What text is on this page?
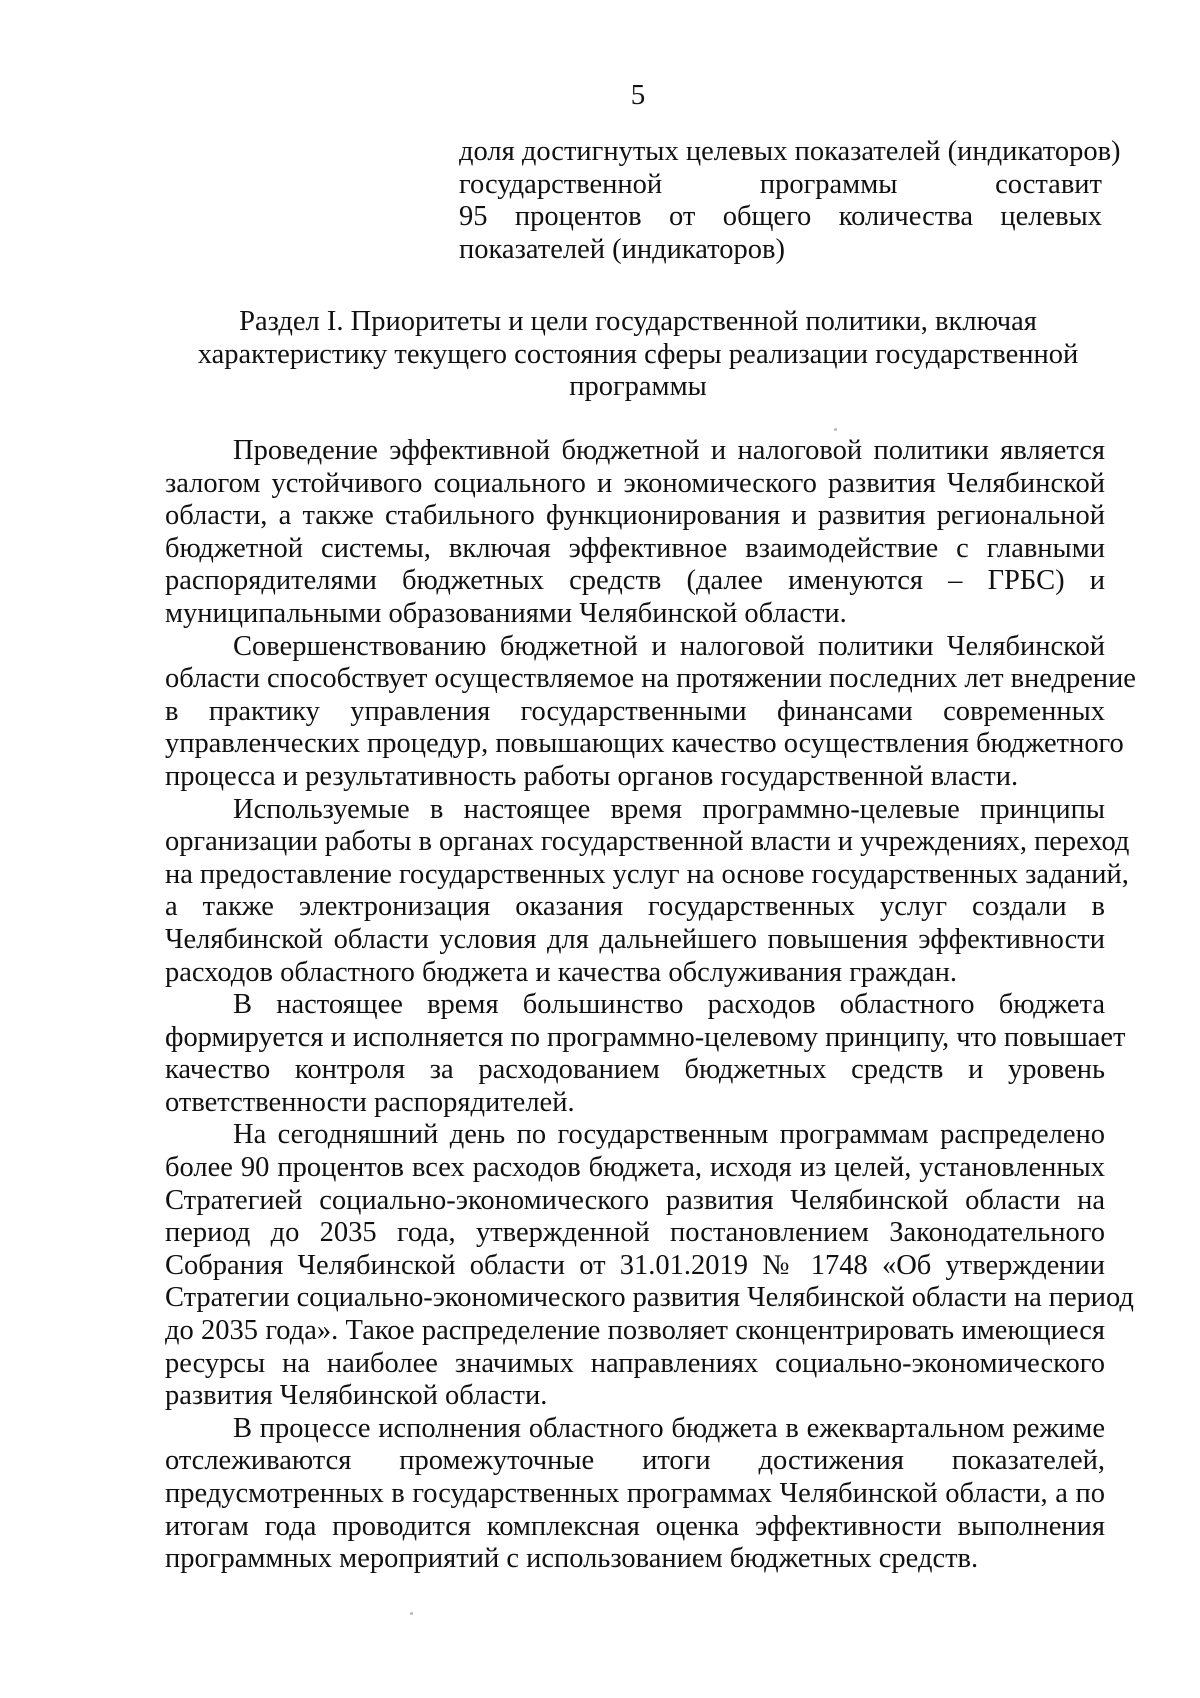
5
доля достигнутых целевых показателей (индикаторов)
государственной	программы	составит
95 процентов от общего количества целевых
показателей (индикаторов)
Раздел I. Приоритеты и цели государственной политики, включая
характеристику текущего состояния сферы реализации государственной
программы
Проведение эффективной бюджетной и налоговой политики является
залогом устойчивого социального и экономического развития Челябинской
области, а также стабильного функционирования и развития региональной
бюджетной системы, включая эффективное взаимодействие с главными
распорядителями бюджетных средств (далее именуются – ГРБС) и
муниципальными образованиями Челябинской области.
Совершенствованию бюджетной и налоговой политики Челябинской
области способствует осуществляемое на протяжении последних лет внедрение
в практику управления государственными финансами современных
управленческих процедур, повышающих качество осуществления бюджетного
процесса и результативность работы органов государственной власти.
Используемые в настоящее время программно-целевые принципы
организации работы в органах государственной власти и учреждениях, переход
на предоставление государственных услуг на основе государственных заданий,
а также электронизация оказания государственных услуг создали в
Челябинской области условия для дальнейшего повышения эффективности
расходов областного бюджета и качества обслуживания граждан.
В настоящее время большинство расходов областного бюджета
формируется и исполняется по программно-целевому принципу, что повышает
качество контроля за расходованием бюджетных средств и уровень
ответственности распорядителей.
На сегодняшний день по государственным программам распределено
более 90 процентов всех расходов бюджета, исходя из целей, установленных
Стратегией социально-экономического развития Челябинской области на
период до 2035 года, утвержденной постановлением Законодательного
Собрания Челябинской области от 31.01.2019 № 1748 «Об утверждении
Стратегии социально-экономического развития Челябинской области на период
до 2035 года». Такое распределение позволяет сконцентрировать имеющиеся
ресурсы на наиболее значимых направлениях социально-экономического
развития Челябинской области.
В процессе исполнения областного бюджета в ежеквартальном режиме
отслеживаются промежуточные итоги достижения показателей,
предусмотренных в государственных программах Челябинской области, а по
итогам года проводится комплексная оценка эффективности выполнения
программных мероприятий с использованием бюджетных средств.
